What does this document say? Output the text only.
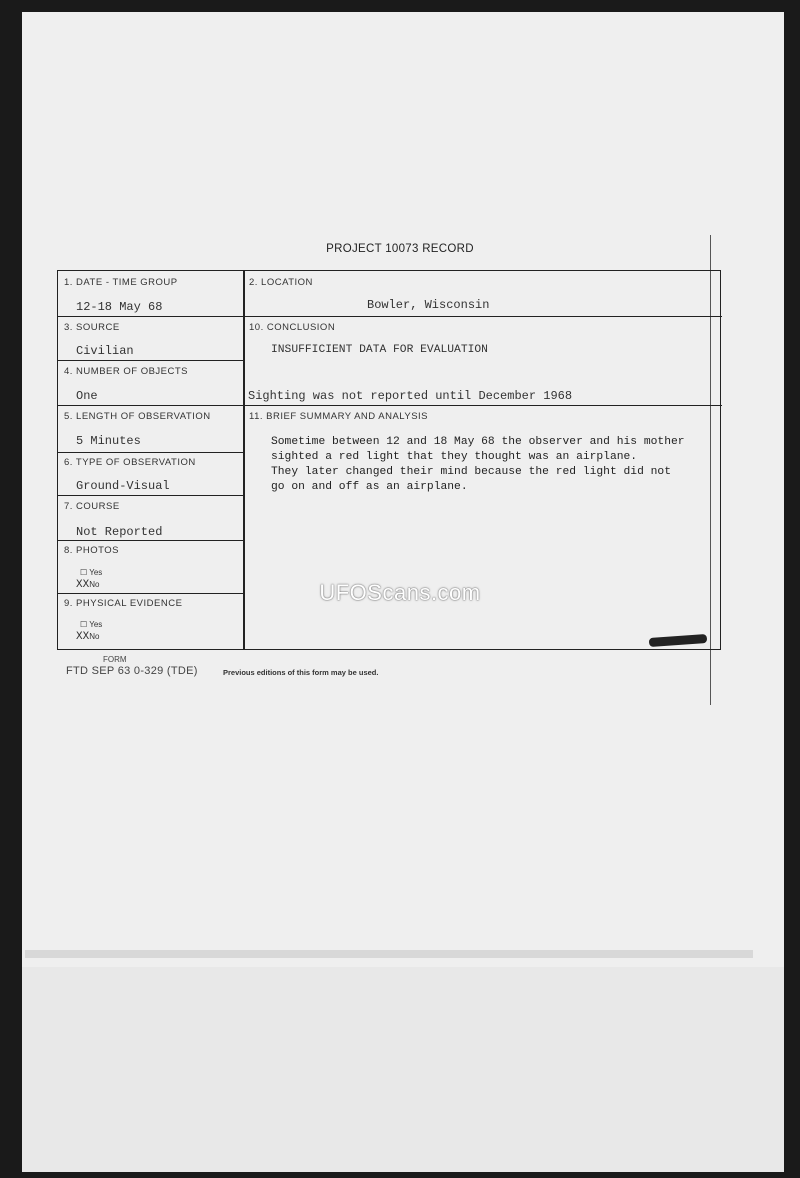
PROJECT 10073 RECORD
1. DATE - TIME GROUP
12-18 May 68
3. SOURCE
Civilian
4. NUMBER OF OBJECTS
One
5. LENGTH OF OBSERVATION
5 Minutes
6. TYPE OF OBSERVATION
Ground-Visual
7. COURSE
Not Reported
8. PHOTOS
☐ Yes
XXNo
9. PHYSICAL EVIDENCE
☐ Yes
XXNo
2. LOCATION
Bowler, Wisconsin
10. CONCLUSION
INSUFFICIENT DATA FOR EVALUATION
Sighting was not reported until December 1968
11. BRIEF SUMMARY AND ANALYSIS
Sometime between 12 and 18 May 68 the observer and his mother
sighted a red light that they thought was an airplane.
They later changed their mind because the red light did not
go on and off as an airplane.
FORM
FTD SEP 63 0-329 (TDE)	Previous editions of this form may be used.
UFOScans.com
